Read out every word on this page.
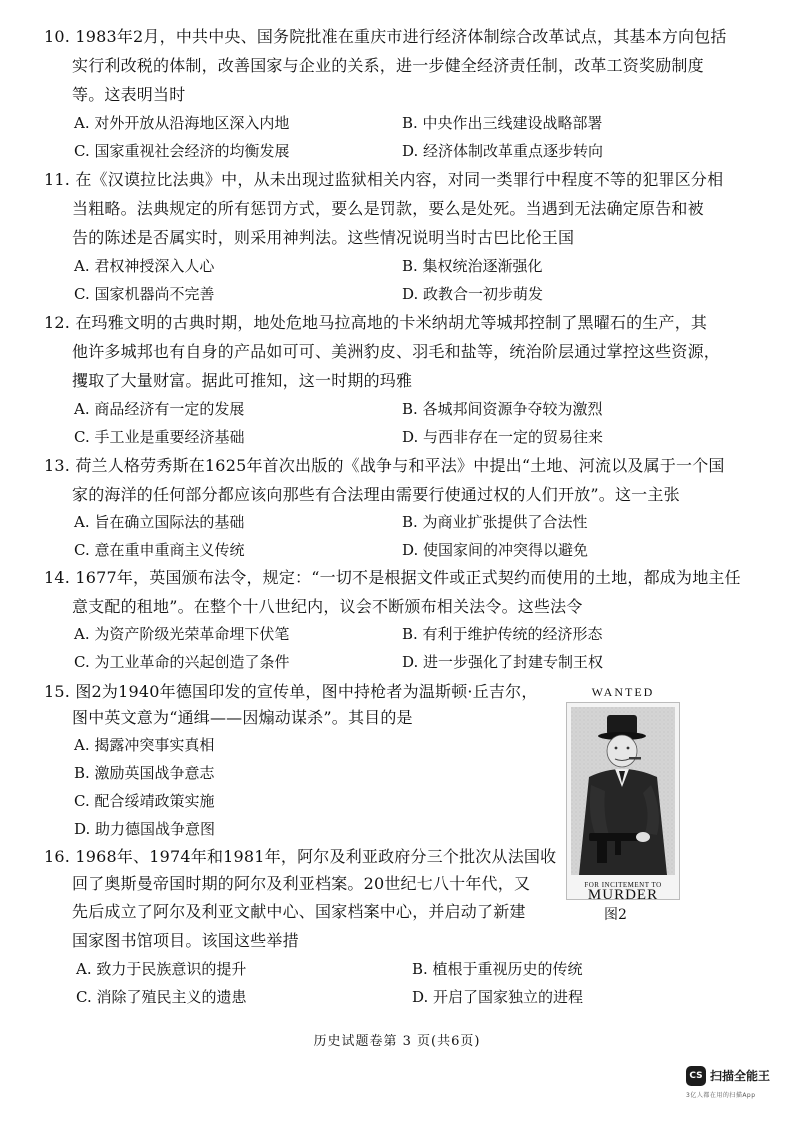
10. 1983年2月，中共中央、国务院批准在重庆市进行经济体制综合改革试点，其基本方向包括
实行利改税的体制，改善国家与企业的关系，进一步健全经济责任制，改革工资奖励制度
等。这表明当时
A. 对外开放从沿海地区深入内地	B. 中央作出三线建设战略部署
C. 国家重视社会经济的均衡发展	D. 经济体制改革重点逐步转向
11. 在《汉谟拉比法典》中，从未出现过监狱相关内容，对同一类罪行中程度不等的犯罪区分相
当粗略。法典规定的所有惩罚方式，要么是罚款，要么是处死。当遇到无法确定原告和被
告的陈述是否属实时，则采用神判法。这些情况说明当时古巴比伦王国
A. 君权神授深入人心	B. 集权统治逐渐强化
C. 国家机器尚不完善	D. 政教合一初步萌发
12. 在玛雅文明的古典时期，地处危地马拉高地的卡米纳胡尤等城邦控制了黑曜石的生产，其
他许多城邦也有自身的产品如可可、美洲豹皮、羽毛和盐等，统治阶层通过掌控这些资源，
攫取了大量财富。据此可推知，这一时期的玛雅
A. 商品经济有一定的发展	B. 各城邦间资源争夺较为激烈
C. 手工业是重要经济基础	D. 与西非存在一定的贸易往来
13. 荷兰人格劳秀斯在1625年首次出版的《战争与和平法》中提出“土地、河流以及属于一个国
家的海洋的任何部分都应该向那些有合法理由需要行使通过权的人们开放”。这一主张
A. 旨在确立国际法的基础	B. 为商业扩张提供了合法性
C. 意在重申重商主义传统	D. 使国家间的冲突得以避免
14. 1677年，英国颁布法令，规定：“一切不是根据文件或正式契约而使用的土地，都成为地主任
意支配的租地”。在整个十八世纪内，议会不断颁布相关法令。这些法令
A. 为资产阶级光荣革命埋下伏笔	B. 有利于维护传统的经济形态
C. 为工业革命的兴起创造了条件	D. 进一步强化了封建专制王权
15. 图2为1940年德国印发的宣传单，图中持枪者为温斯顿·丘吉尔，
图中英文意为“通缉——因煽动谋杀”。其目的是
A. 揭露冲突事实真相
B. 激励英国战争意志
C. 配合绥靖政策实施
D. 助力德国战争意图
WANTED
FOR INCITEMENT TO
MURDER
图2
16. 1968年、1974年和1981年，阿尔及利亚政府分三个批次从法国收
回了奥斯曼帝国时期的阿尔及利亚档案。20世纪七八十年代，又
先后成立了阿尔及利亚文献中心、国家档案中心，并启动了新建
国家图书馆项目。该国这些举措
A. 致力于民族意识的提升	B. 植根于重视历史的传统
C. 消除了殖民主义的遗患	D. 开启了国家独立的进程
历史试题卷第 3 页(共6页)
CS 扫描全能王
3亿人都在用的扫描App
